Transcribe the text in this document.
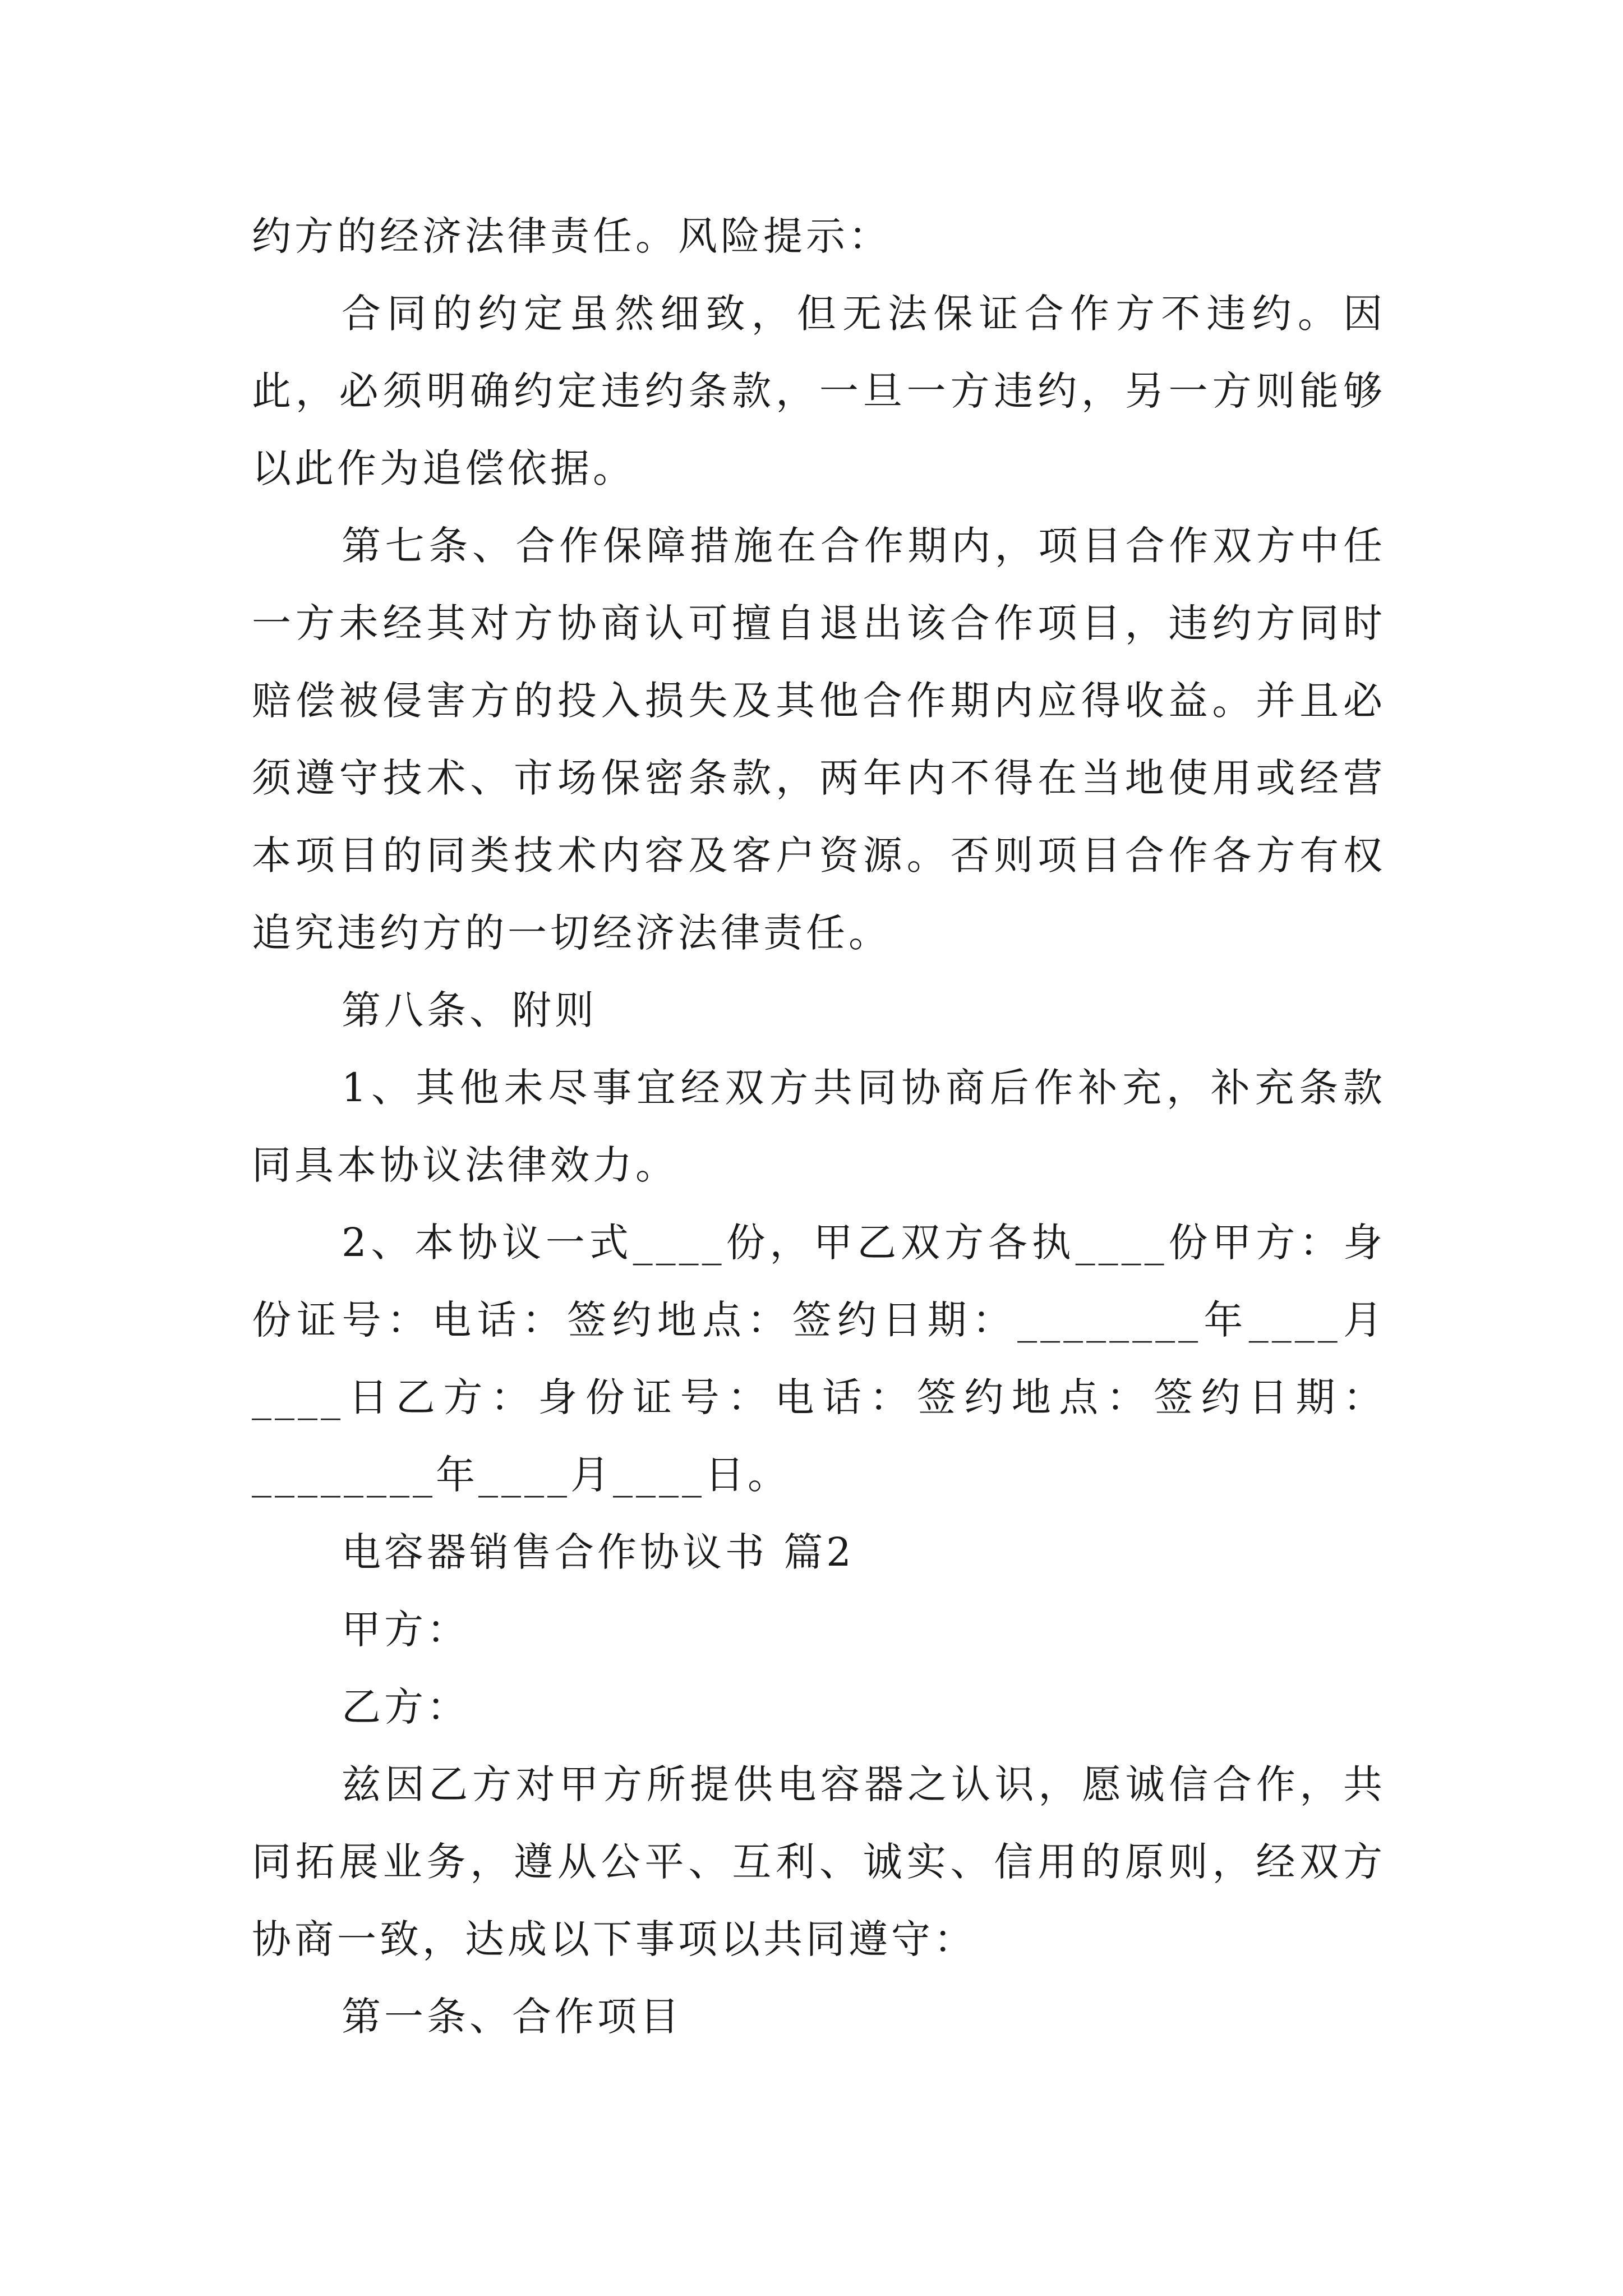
约方的经济法律责任。风险提示：

合同的约定虽然细致，但无法保证合作方不违约。因此，必须明确约定违约条款，一旦一方违约，另一方则能够以此作为追偿依据。

第七条、合作保障措施在合作期内，项目合作双方中任一方未经其对方协商认可擅自退出该合作项目，违约方同时赔偿被侵害方的投入损失及其他合作期内应得收益。并且必须遵守技术、市场保密条款，两年内不得在当地使用或经营本项目的同类技术内容及客户资源。否则项目合作各方有权追究违约方的一切经济法律责任。

第八条、附则

1、其他未尽事宜经双方共同协商后作补充，补充条款同具本协议法律效力。

2、本协议一式____份，甲乙双方各执____份甲方：身份证号：电话：签约地点：签约日期：________年____月____日乙方：身份证号：电话：签约地点：签约日期：________年____月____日。

电容器销售合作协议书 篇2

甲方：

乙方：

兹因乙方对甲方所提供电容器之认识，愿诚信合作，共同拓展业务，遵从公平、互利、诚实、信用的原则，经双方协商一致，达成以下事项以共同遵守：

第一条、合作项目
